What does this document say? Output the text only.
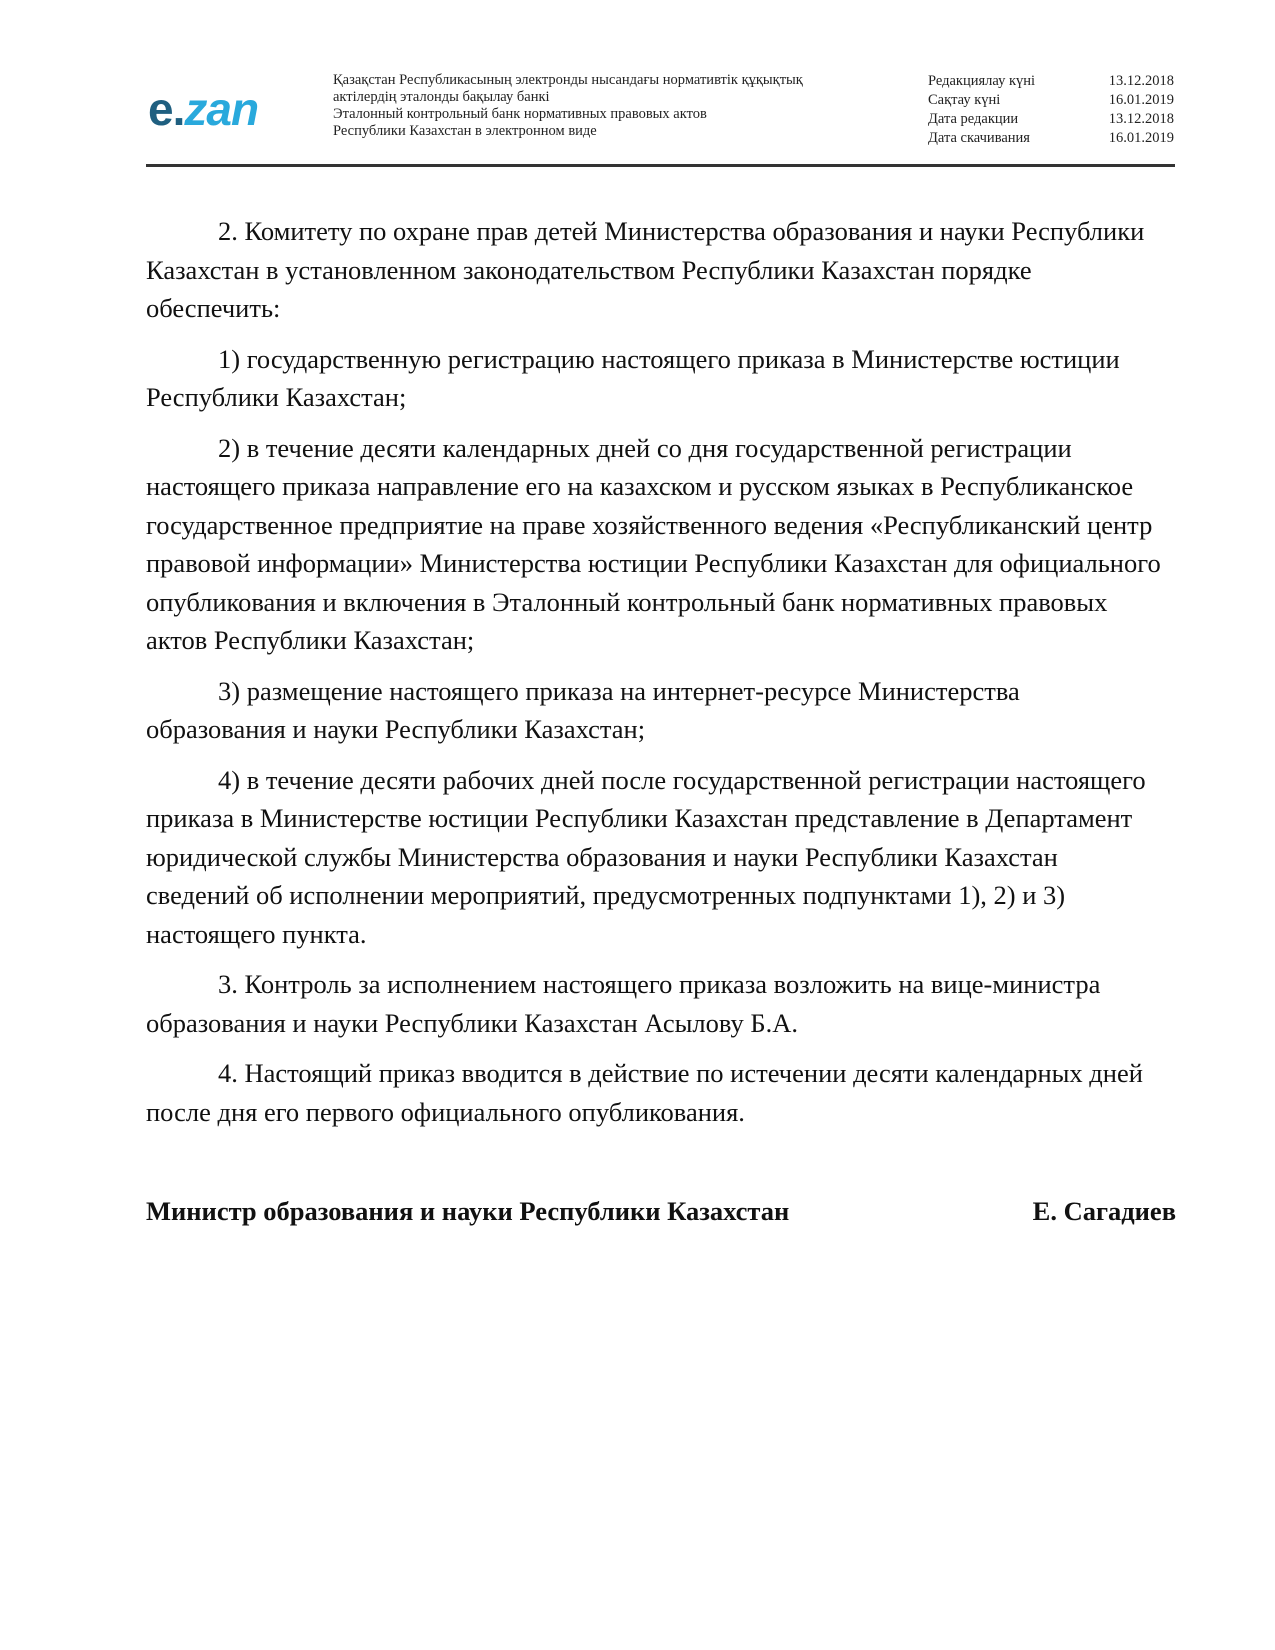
e.zan
Қазақстан Республикасының электронды нысандағы нормативтік құқықтық
актілердің эталонды бақылау банкі
Эталонный контрольный банк нормативных правовых актов
Республики Казахстан в электронном виде
Редакциялау күні	13.12.2018
Сақтау күні	16.01.2019
Дата редакции	13.12.2018
Дата скачивания	16.01.2019

2. Комитету по охране прав детей Министерства образования и науки Республики Казахстан в установленном законодательством Республики Казахстан порядке обеспечить:

1) государственную регистрацию настоящего приказа в Министерстве юстиции Республики Казахстан;

2) в течение десяти календарных дней со дня государственной регистрации настоящего приказа направление его на казахском и русском языках в Республиканское государственное предприятие на праве хозяйственного ведения «Республиканский центр правовой информации» Министерства юстиции Республики Казахстан для официального опубликования и включения в Эталонный контрольный банк нормативных правовых актов Республики Казахстан;

3) размещение настоящего приказа на интернет-ресурсе Министерства образования и науки Республики Казахстан;

4) в течение десяти рабочих дней после государственной регистрации настоящего приказа в Министерстве юстиции Республики Казахстан представление в Департамент юридической службы Министерства образования и науки Республики Казахстан сведений об исполнении мероприятий, предусмотренных подпунктами 1), 2) и 3) настоящего пункта.

3. Контроль за исполнением настоящего приказа возложить на вице-министра образования и науки Республики Казахстан Асылову Б.А.

4. Настоящий приказ вводится в действие по истечении десяти календарных дней после дня его первого официального опубликования.

Министр образования и науки Республики Казахстан	Е. Сагадиев
